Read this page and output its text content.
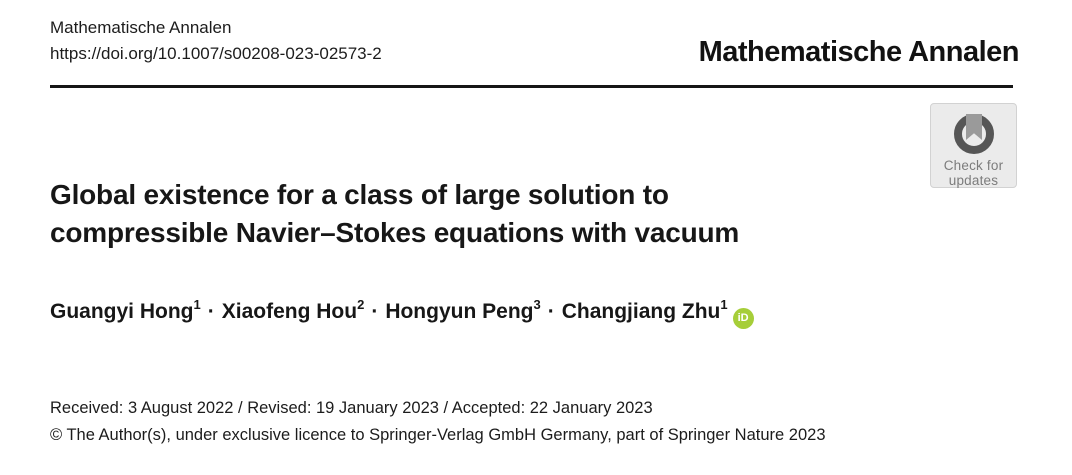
Mathematische Annalen
https://doi.org/10.1007/s00208-023-02573-2	Mathematische Annalen
Check for
updates
Global existence for a class of large solution to
compressible Navier–Stokes equations with vacuum
Guangyi Hong$^1$ · Xiaofeng Hou$^2$ · Hongyun Peng$^3$ · Changjiang Zhu$^1$iD
Received: 3 August 2022 / Revised: 19 January 2023 / Accepted: 22 January 2023
© The Author(s), under exclusive licence to Springer-Verlag GmbH Germany, part of Springer Nature 2023
